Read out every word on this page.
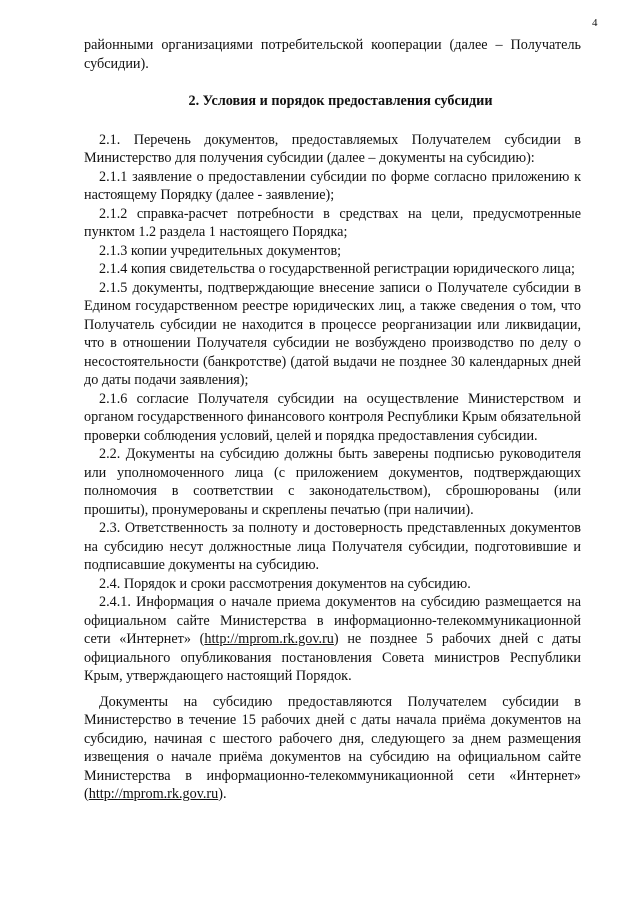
4

районными организациями потребительской кооперации (далее – Получатель субсидии).

2. Условия и порядок предоставления субсидии

2.1. Перечень документов, предоставляемых Получателем субсидии в Министерство для получения субсидии (далее – документы на субсидию):

2.1.1 заявление о предоставлении субсидии по форме согласно приложению к настоящему Порядку (далее - заявление);

2.1.2 справка-расчет потребности в средствах на цели, предусмотренные пунктом 1.2 раздела 1 настоящего Порядка;

2.1.3 копии учредительных документов;

2.1.4 копия свидетельства о государственной регистрации юридического лица;

2.1.5 документы, подтверждающие внесение записи о Получателе субсидии в Едином государственном реестре юридических лиц, а также сведения о том, что Получатель субсидии не находится в процессе реорганизации или ликвидации, что в отношении Получателя субсидии не возбуждено производство по делу о несостоятельности (банкротстве) (датой выдачи не позднее 30 календарных дней до даты подачи заявления);

2.1.6 согласие Получателя субсидии на осуществление Министерством и органом государственного финансового контроля Республики Крым обязательной проверки соблюдения условий, целей и порядка предоставления субсидии.

2.2. Документы на субсидию должны быть заверены подписью руководителя или уполномоченного лица (с приложением документов, подтверждающих полномочия в соответствии с законодательством), сброшюрованы (или прошиты), пронумерованы и скреплены печатью (при наличии).

2.3. Ответственность за полноту и достоверность представленных документов на субсидию несут должностные лица Получателя субсидии, подготовившие и подписавшие документы на субсидию.

2.4. Порядок и сроки рассмотрения документов на субсидию.

2.4.1. Информация о начале приема документов на субсидию размещается на официальном сайте Министерства в информационно-телекоммуникационной сети «Интернет» (http://mprom.rk.gov.ru) не позднее 5 рабочих дней с даты официального опубликования постановления Совета министров Республики Крым, утверждающего настоящий Порядок.

Документы на субсидию предоставляются Получателем субсидии в Министерство в течение 15 рабочих дней с даты начала приёма документов на субсидию, начиная с шестого рабочего дня, следующего за днем размещения извещения о начале приёма документов на субсидию на официальном сайте Министерства в информационно-телекоммуникационной сети «Интернет» (http://mprom.rk.gov.ru).
